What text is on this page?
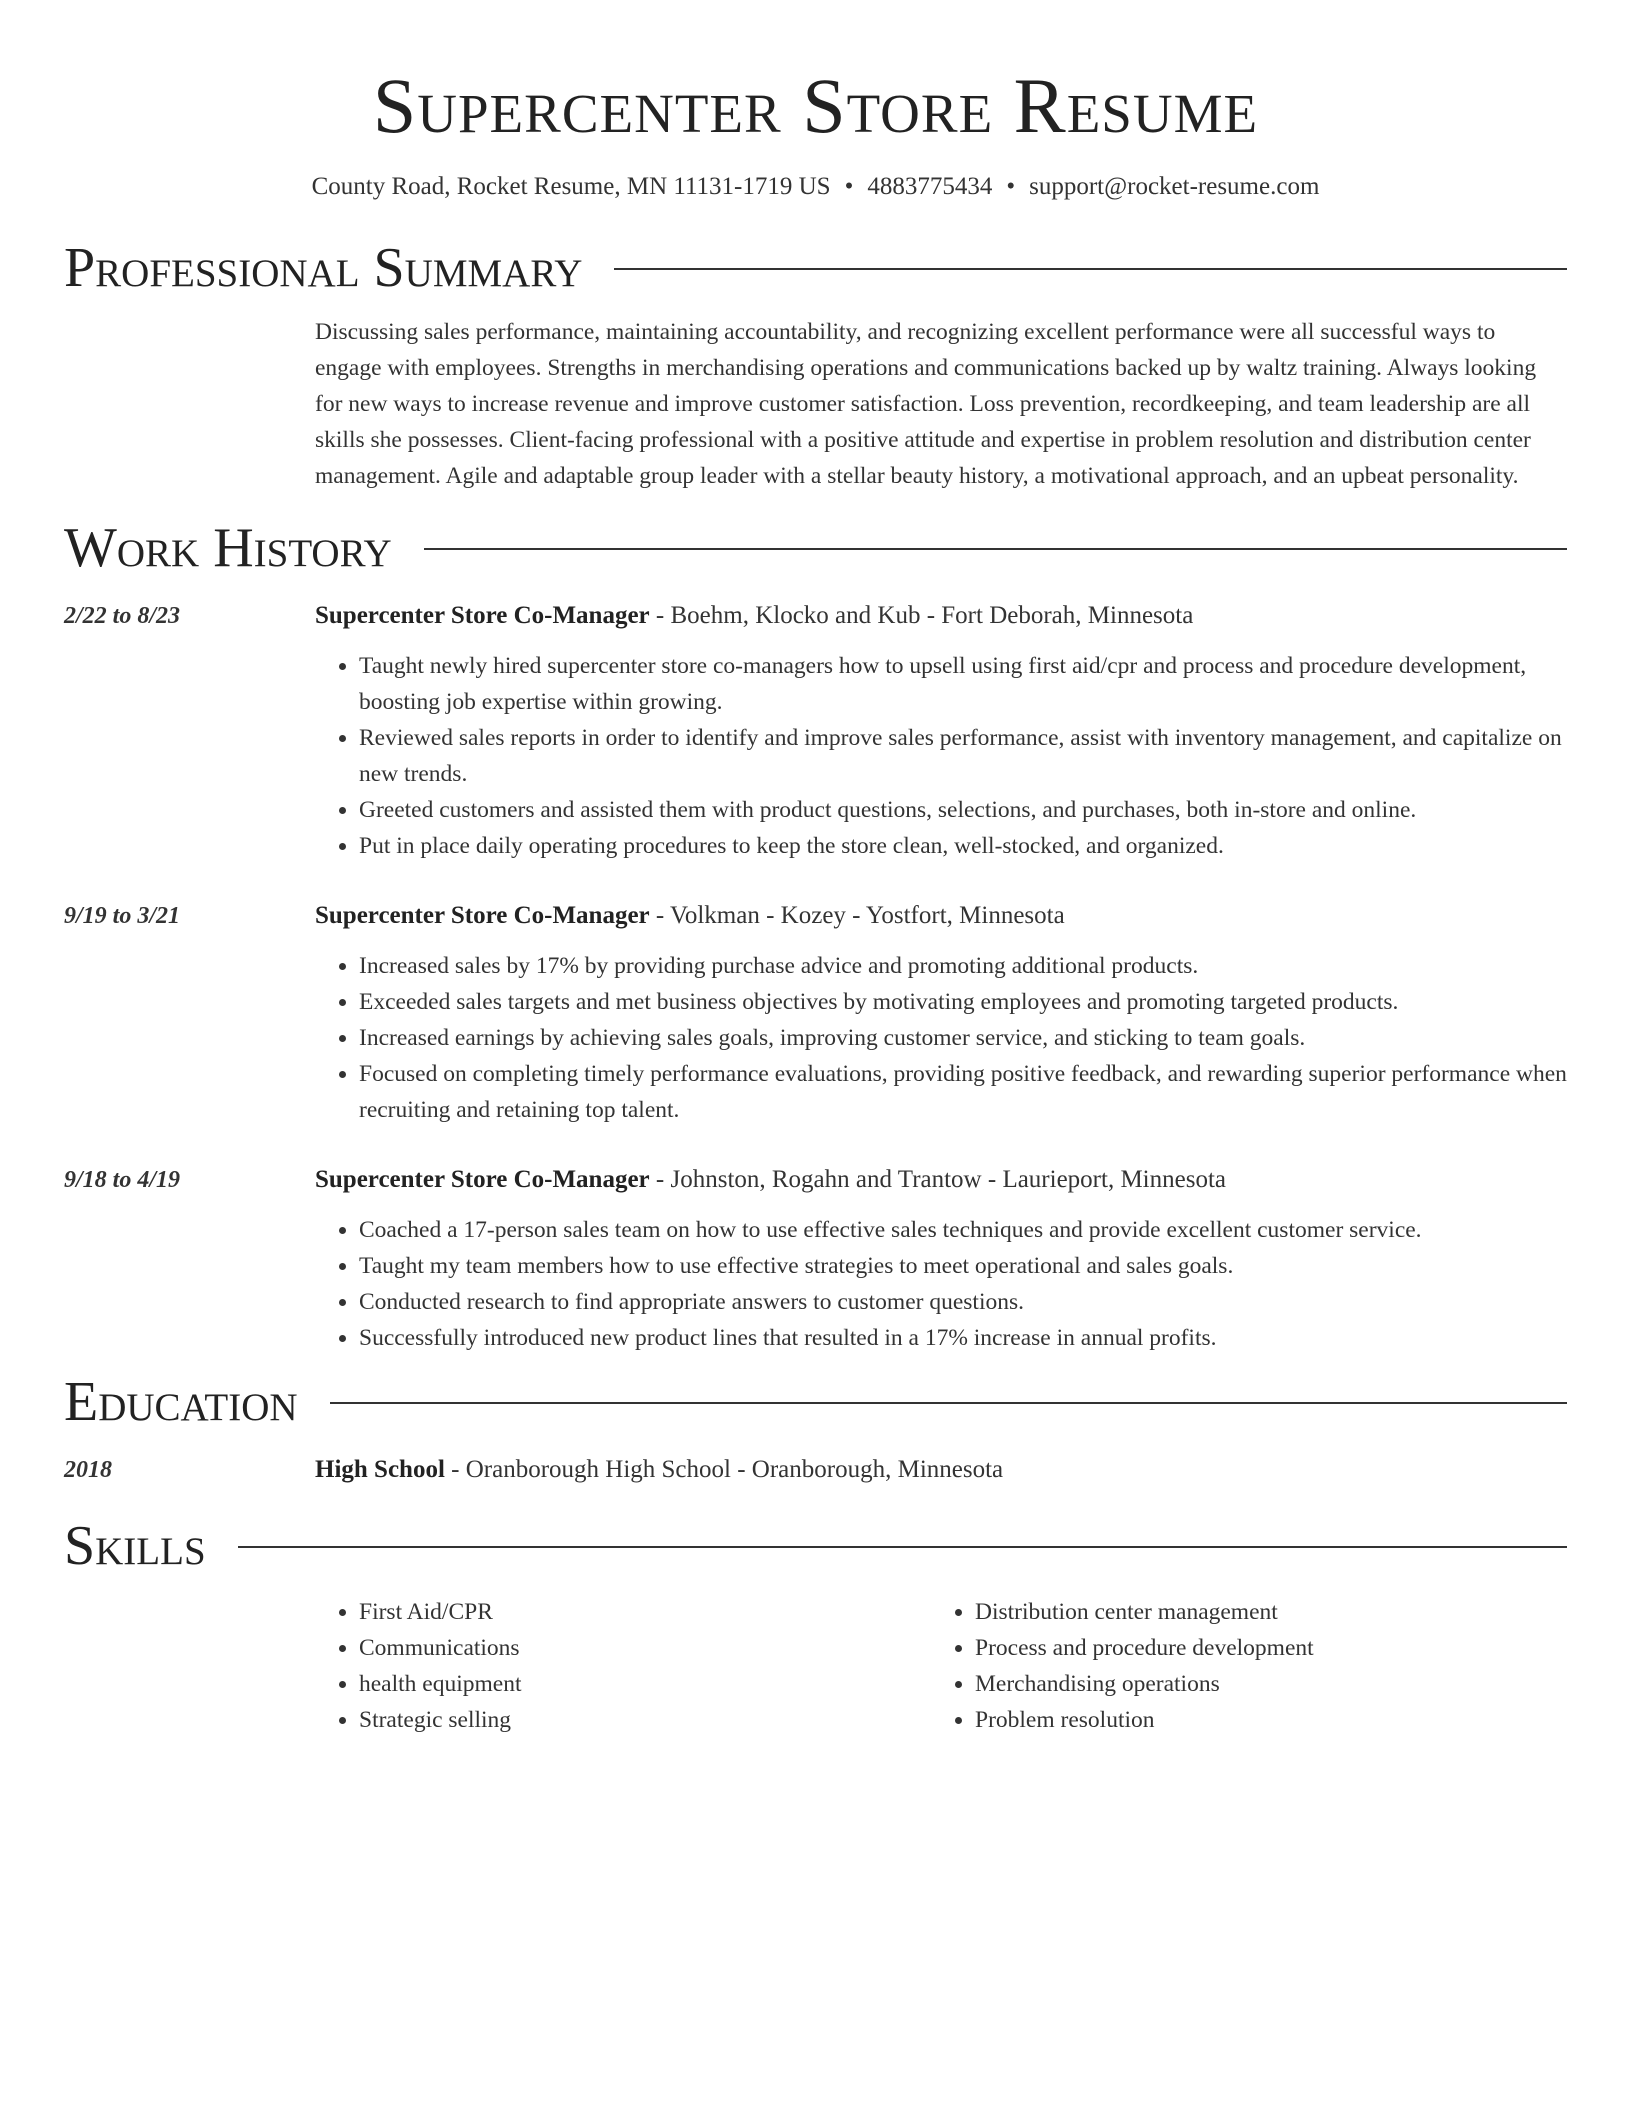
Supercenter Store Resume
County Road, Rocket Resume, MN 11131-1719 US • 4883775434 • support@rocket-resume.com
Professional Summary
Discussing sales performance, maintaining accountability, and recognizing excellent performance were all successful ways to engage with employees. Strengths in merchandising operations and communications backed up by waltz training. Always looking for new ways to increase revenue and improve customer satisfaction. Loss prevention, recordkeeping, and team leadership are all skills she possesses. Client-facing professional with a positive attitude and expertise in problem resolution and distribution center management. Agile and adaptable group leader with a stellar beauty history, a motivational approach, and an upbeat personality.
Work History
2/22 to 8/23	Supercenter Store Co-Manager - Boehm, Klocko and Kub - Fort Deborah, Minnesota
• Taught newly hired supercenter store co-managers how to upsell using first aid/cpr and process and procedure development, boosting job expertise within growing.
• Reviewed sales reports in order to identify and improve sales performance, assist with inventory management, and capitalize on new trends.
• Greeted customers and assisted them with product questions, selections, and purchases, both in-store and online.
• Put in place daily operating procedures to keep the store clean, well-stocked, and organized.
9/19 to 3/21	Supercenter Store Co-Manager - Volkman - Kozey - Yostfort, Minnesota
• Increased sales by 17% by providing purchase advice and promoting additional products.
• Exceeded sales targets and met business objectives by motivating employees and promoting targeted products.
• Increased earnings by achieving sales goals, improving customer service, and sticking to team goals.
• Focused on completing timely performance evaluations, providing positive feedback, and rewarding superior performance when recruiting and retaining top talent.
9/18 to 4/19	Supercenter Store Co-Manager - Johnston, Rogahn and Trantow - Laurieport, Minnesota
• Coached a 17-person sales team on how to use effective sales techniques and provide excellent customer service.
• Taught my team members how to use effective strategies to meet operational and sales goals.
• Conducted research to find appropriate answers to customer questions.
• Successfully introduced new product lines that resulted in a 17% increase in annual profits.
Education
2018	High School - Oranborough High School - Oranborough, Minnesota
Skills
• First Aid/CPR
• Communications
• health equipment
• Strategic selling
• Distribution center management
• Process and procedure development
• Merchandising operations
• Problem resolution
